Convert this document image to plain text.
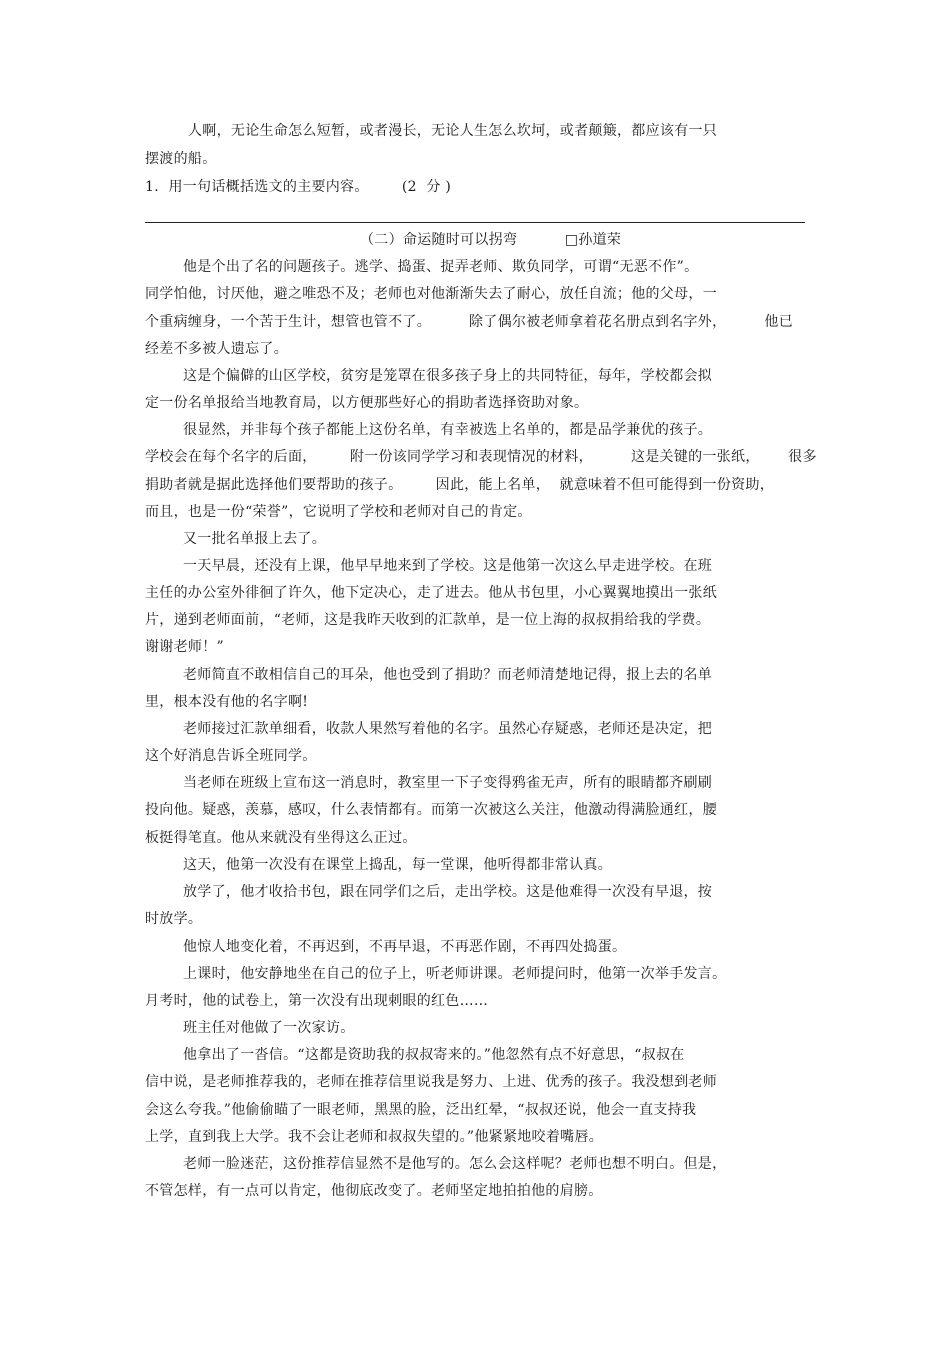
人啊，无论生命怎么短暂，或者漫长，无论人生怎么坎坷，或者颠簸，都应该有一只
摆渡的船。
1.  用一句话概括选文的主要内容。       (2  分 )
（二）命运随时可以拐弯          □孙道荣
他是个出了名的问题孩子。逃学、捣蛋、捉弄老师、欺负同学，可谓“无恶不作”。
同学怕他，讨厌他，避之唯恐不及；老师也对他渐渐失去了耐心，放任自流；他的父母，一
个重病缠身，一个苦于生计，想管也管不了。        除了偶尔被老师拿着花名册点到名字外，        他已
经差不多被人遗忘了。
这是个偏僻的山区学校，贫穷是笼罩在很多孩子身上的共同特征，每年，学校都会拟
定一份名单报给当地教育局，以方便那些好心的捐助者选择资助对象。
很显然，并非每个孩子都能上这份名单，有幸被选上名单的，都是品学兼优的孩子。
学校会在每个名字的后面，       附一份该同学学习和表现情况的材料，        这是关键的一张纸，      很多
捐助者就是据此选择他们要帮助的孩子。       因此，能上名单，  就意味着不但可能得到一份资助，
而且，也是一份“荣誉”，它说明了学校和老师对自己的肯定。
又一批名单报上去了。
一天早晨，还没有上课，他早早地来到了学校。这是他第一次这么早走进学校。在班
主任的办公室外徘徊了许久，他下定决心，走了进去。他从书包里，小心翼翼地摸出一张纸
片，递到老师面前，“老师，这是我昨天收到的汇款单，是一位上海的叔叔捐给我的学费。
谢谢老师！”
老师简直不敢相信自己的耳朵，他也受到了捐助？而老师清楚地记得，报上去的名单
里，根本没有他的名字啊!
老师接过汇款单细看，收款人果然写着他的名字。虽然心存疑惑，老师还是决定，把
这个好消息告诉全班同学。
当老师在班级上宣布这一消息时，教室里一下子变得鸦雀无声，所有的眼睛都齐刷刷
投向他。疑惑，羡慕，感叹，什么表情都有。而第一次被这么关注，他激动得满脸通红，腰
板挺得笔直。他从来就没有坐得这么正过。
这天，他第一次没有在课堂上捣乱，每一堂课，他听得都非常认真。
放学了，他才收拾书包，跟在同学们之后，走出学校。这是他难得一次没有早退，按
时放学。
他惊人地变化着，不再迟到，不再早退，不再恶作剧，不再四处捣蛋。
上课时，他安静地坐在自己的位子上，听老师讲课。老师提问时，他第一次举手发言。
月考时，他的试卷上，第一次没有出现刺眼的红色……
班主任对他做了一次家访。
他拿出了一沓信。“这都是资助我的叔叔寄来的。”他忽然有点不好意思，“叔叔在
信中说，是老师推荐我的，老师在推荐信里说我是努力、上进、优秀的孩子。我没想到老师
会这么夸我。”他偷偷瞄了一眼老师，黑黑的脸，泛出红晕，“叔叔还说，他会一直支持我
上学，直到我上大学。我不会让老师和叔叔失望的。”他紧紧地咬着嘴唇。
老师一脸迷茫，这份推荐信显然不是他写的。怎么会这样呢？老师也想不明白。但是，
不管怎样，有一点可以肯定，他彻底改变了。老师坚定地拍拍他的肩膀。
